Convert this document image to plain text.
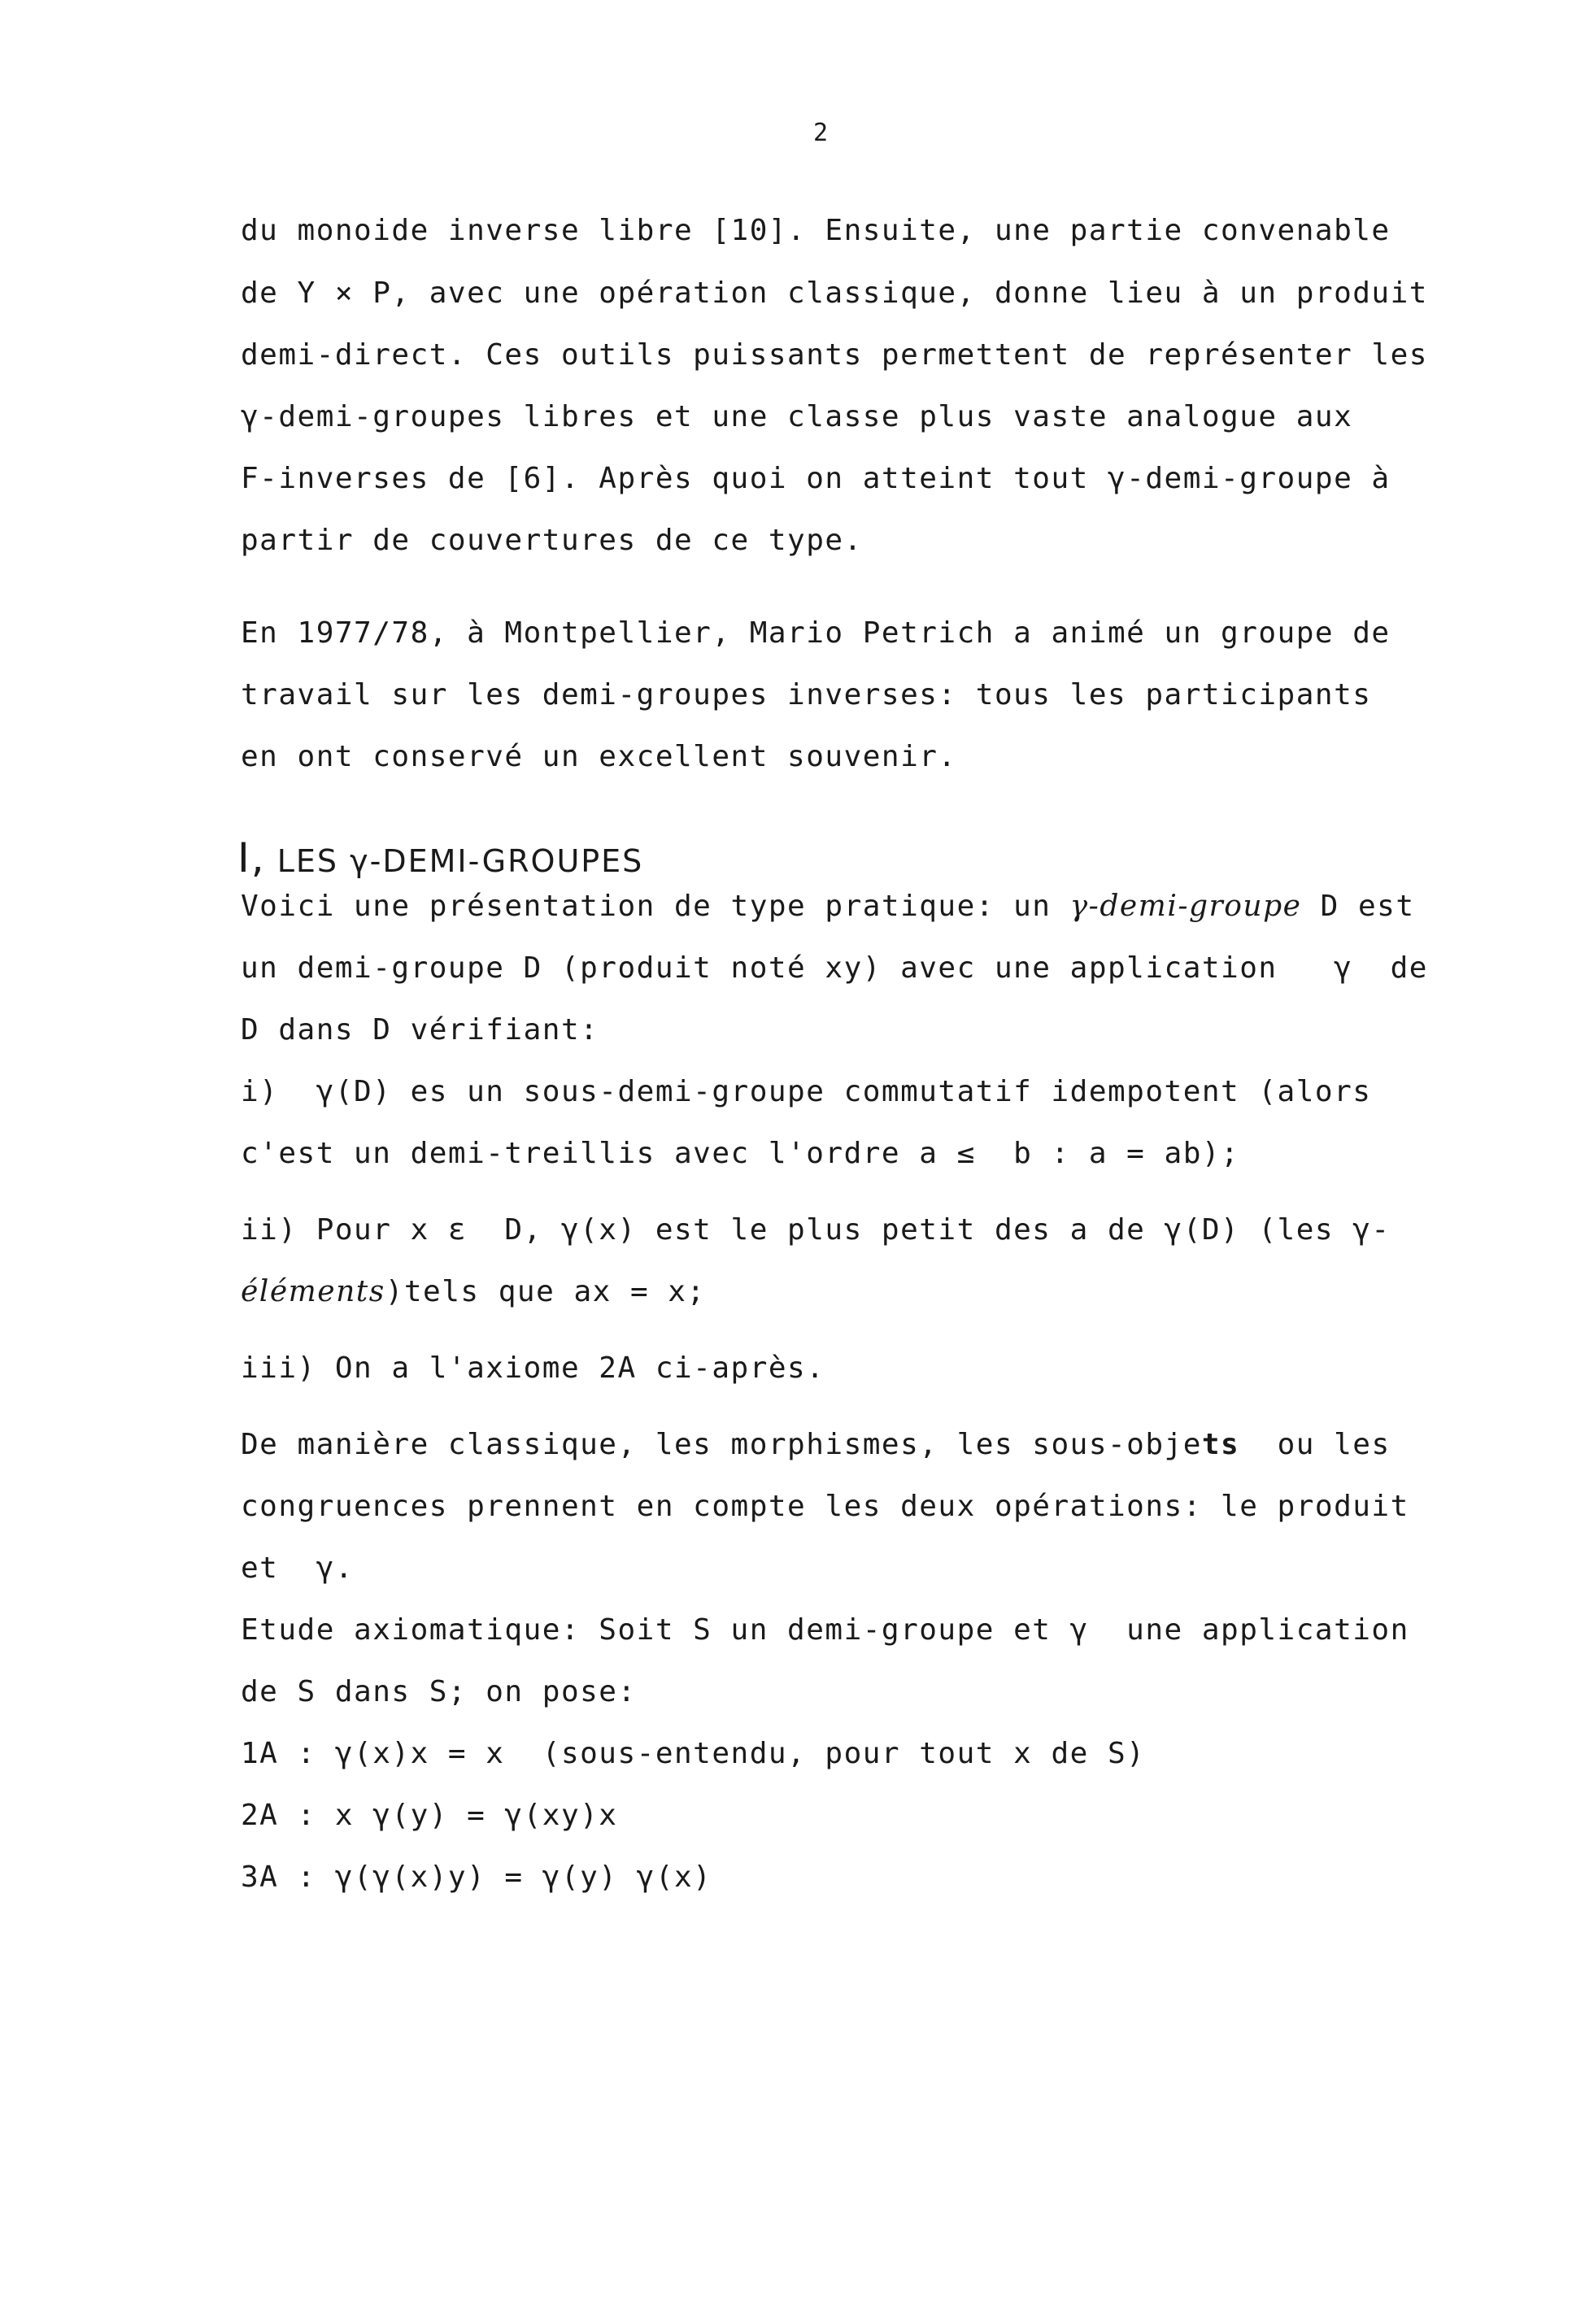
2
du monoide inverse libre [10]. Ensuite, une partie convenable
de Y × P, avec une opération classique, donne lieu à un produit
demi-direct. Ces outils puissants permettent de représenter les
γ-demi-groupes libres et une classe plus vaste analogue aux
F-inverses de [6]. Après quoi on atteint tout γ-demi-groupe à
partir de couvertures de ce type.
En 1977/78, à Montpellier, Mario Petrich a animé un groupe de
travail sur les demi-groupes inverses: tous les participants
en ont conservé un excellent souvenir.
I, LES γ-DEMI-GROUPES
Voici une présentation de type pratique: un γ-demi-groupe D est
un demi-groupe D (produit noté xy) avec une application   γ  de
D dans D vérifiant:
i)  γ(D) es un sous-demi-groupe commutatif idempotent (alors
c'est un demi-treillis avec l'ordre a ≤  b : a = ab);
ii) Pour x ε  D, γ(x) est le plus petit des a de γ(D) (les γ-
éléments)tels que ax = x;
iii) On a l'axiome 2A ci-après.
De manière classique, les morphismes, les sous-objets  ou les
congruences prennent en compte les deux opérations: le produit
et  γ.
Etude axiomatique: Soit S un demi-groupe et γ  une application
de S dans S; on pose:
1A : γ(x)x = x  (sous-entendu, pour tout x de S)
2A : x γ(y) = γ(xy)x
3A : γ(γ(x)y) = γ(y) γ(x)
